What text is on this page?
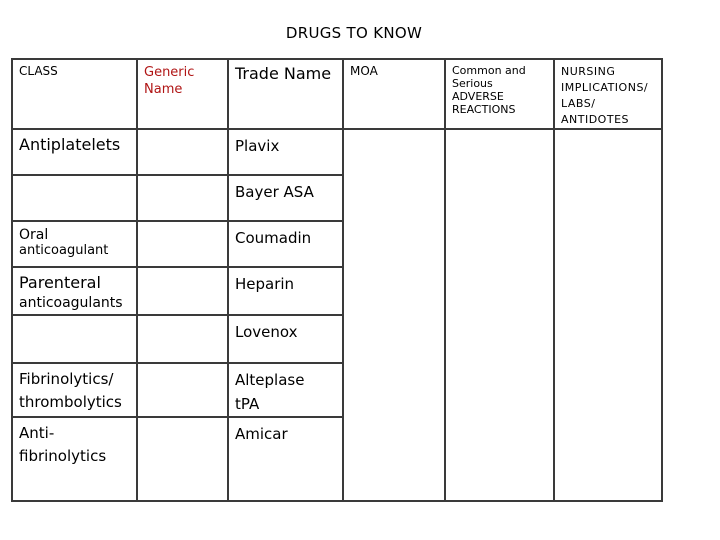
DRUGS TO KNOW
CLASS	Generic Name	Trade Name	MOA	Common and Serious ADVERSE REACTIONS	NURSING IMPLICATIONS/ LABS/ ANTIDOTES
Antiplatelets		Plavix			
		Bayer ASA			

Oral
anticoagulant		Coumadin			

Parenteral
anticoagulants		Heparin			
		Lovenox			
Fibrinolytics/ thrombolytics		Alteplase
tPA			

Anti-fibrinolytics		Amicar			
